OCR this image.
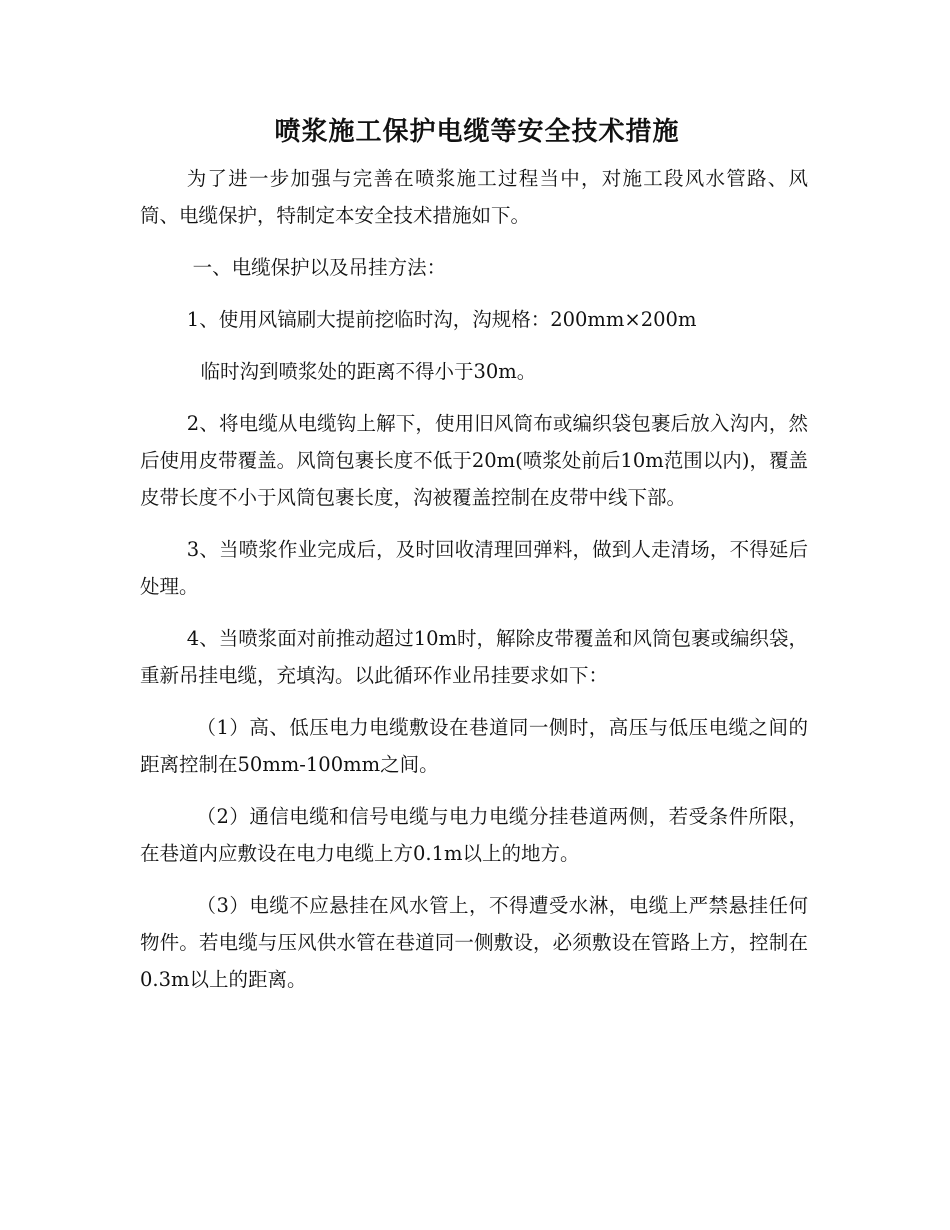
喷浆施工保护电缆等安全技术措施

为了进一步加强与完善在喷浆施工过程当中，对施工段风水管路、风筒、电缆保护，特制定本安全技术措施如下。

一、电缆保护以及吊挂方法：

1、使用风镐刷大提前挖临时沟，沟规格：200mm×200m

临时沟到喷浆处的距离不得小于30m。

2、将电缆从电缆钩上解下，使用旧风筒布或编织袋包裹后放入沟内，然后使用皮带覆盖。风筒包裹长度不低于20m(喷浆处前后10m范围以内)，覆盖皮带长度不小于风筒包裹长度，沟被覆盖控制在皮带中线下部。

3、当喷浆作业完成后，及时回收清理回弹料，做到人走清场，不得延后处理。

4、当喷浆面对前推动超过10m时，解除皮带覆盖和风筒包裹或编织袋，重新吊挂电缆，充填沟。以此循环作业吊挂要求如下：

（1）高、低压电力电缆敷设在巷道同一侧时，高压与低压电缆之间的距离控制在50mm-100mm之间。

（2）通信电缆和信号电缆与电力电缆分挂巷道两侧，若受条件所限，在巷道内应敷设在电力电缆上方0.1m以上的地方。

（3）电缆不应悬挂在风水管上，不得遭受水淋，电缆上严禁悬挂任何物件。若电缆与压风供水管在巷道同一侧敷设，必须敷设在管路上方，控制在0.3m以上的距离。
